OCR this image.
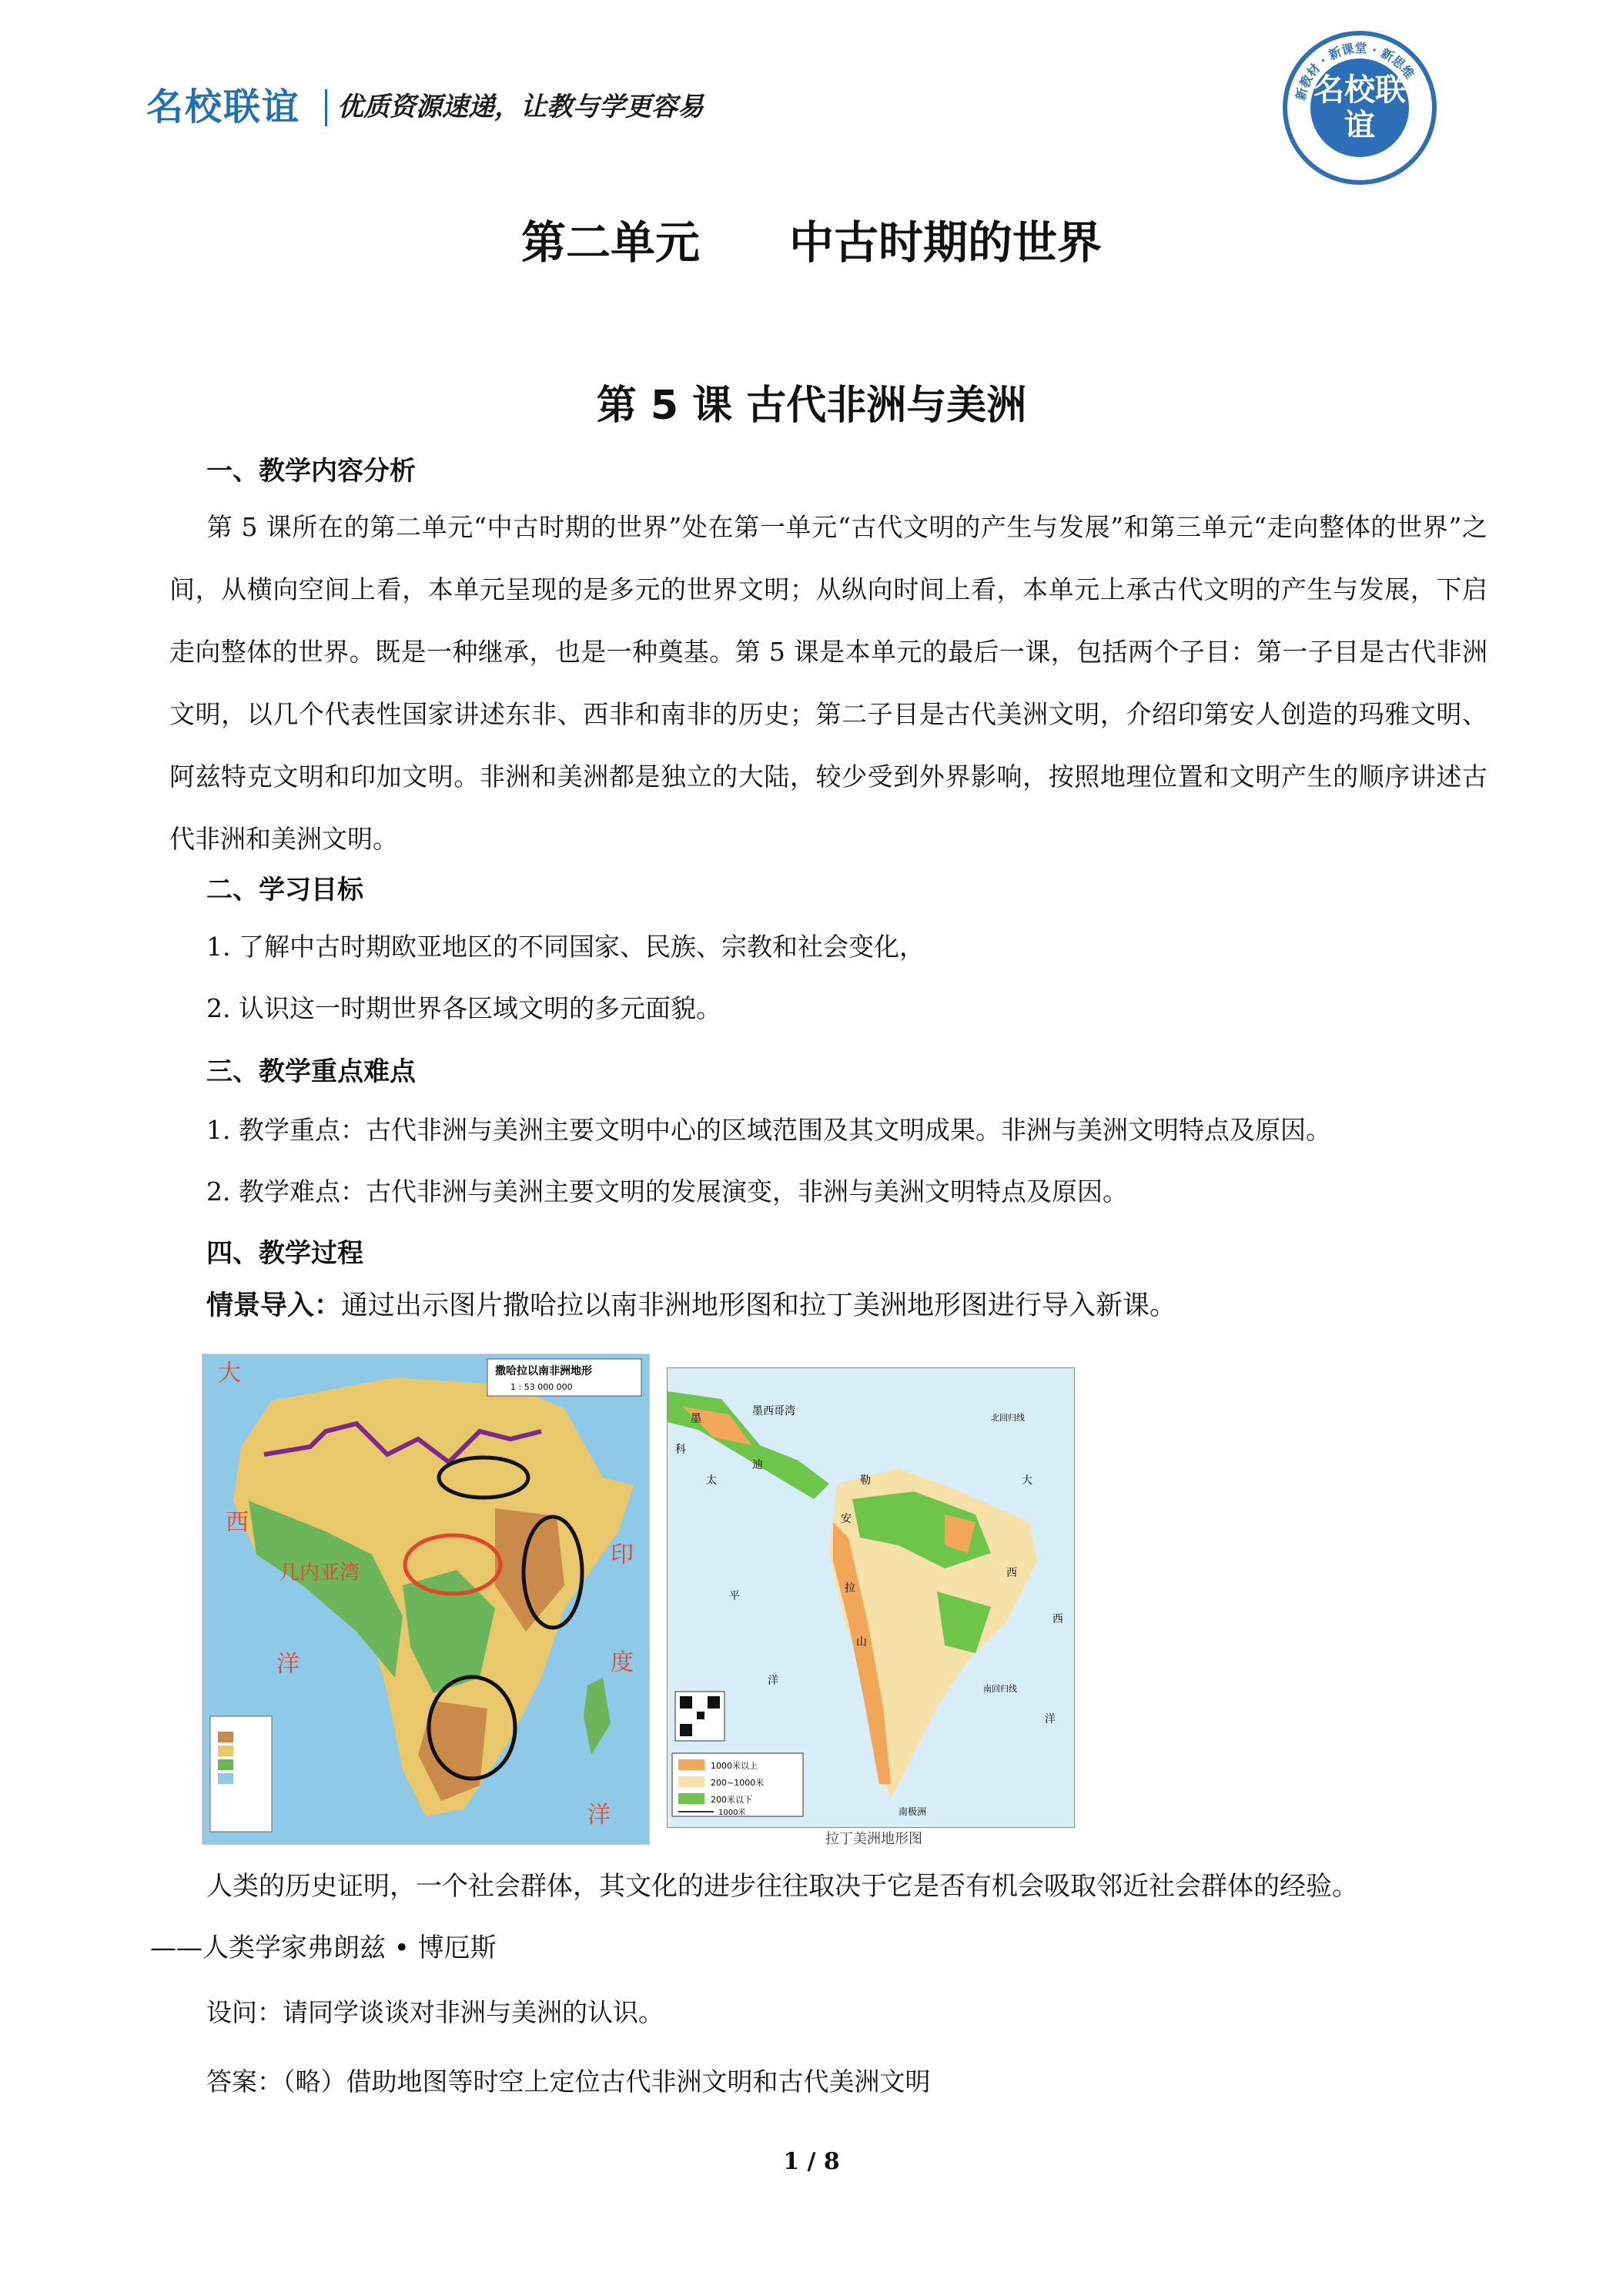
名校联谊 优质资源速递，让教与学更容易	新教材 · 新课堂 · 新思维
名校联谊
第二单元　　中古时期的世界
第 5 课 古代非洲与美洲
一、教学内容分析
第 5 课所在的第二单元“中古时期的世界”处在第一单元“古代文明的产生与发展”和第三单元“走向整体的世界”之间，从横向空间上看，本单元呈现的是多元的世界文明；从纵向时间上看，本单元上承古代文明的产生与发展，下启走向整体的世界。既是一种继承，也是一种奠基。第 5 课是本单元的最后一课，包括两个子目：第一子目是古代非洲文明，以几个代表性国家讲述东非、西非和南非的历史；第二子目是古代美洲文明，介绍印第安人创造的玛雅文明、阿兹特克文明和印加文明。非洲和美洲都是独立的大陆，较少受到外界影响，按照地理位置和文明产生的顺序讲述古代非洲和美洲文明。
二、学习目标
1. 了解中古时期欧亚地区的不同国家、民族、宗教和社会变化，
2. 认识这一时期世界各区域文明的多元面貌。
三、教学重点难点
1. 教学重点：古代非洲与美洲主要文明中心的区域范围及其文明成果。非洲与美洲文明特点及原因。
2. 教学难点：古代非洲与美洲主要文明的发展演变，非洲与美洲文明特点及原因。
四、教学过程
情景导入：通过出示图片撒哈拉以南非洲地形图和拉丁美洲地形图进行导入新课。
撒哈拉以南非洲地形
1 : 53 000 000
大
西
几内亚湾
洋
印
度
洋
墨西哥湾
北回归线
太
平
洋
大
西
洋
墨
科
迪
勒
安
拉
山
西
南回归线
南极洲
1000米以上
200~1000米
200米以下
1000米
拉丁美洲地形图
人类的历史证明，一个社会群体，其文化的进步往往取决于它是否有机会吸取邻近社会群体的经验。
——人类学家弗朗兹 • 博厄斯
设问：请同学谈谈对非洲与美洲的认识。
答案：（略）借助地图等时空上定位古代非洲文明和古代美洲文明
1 / 8
